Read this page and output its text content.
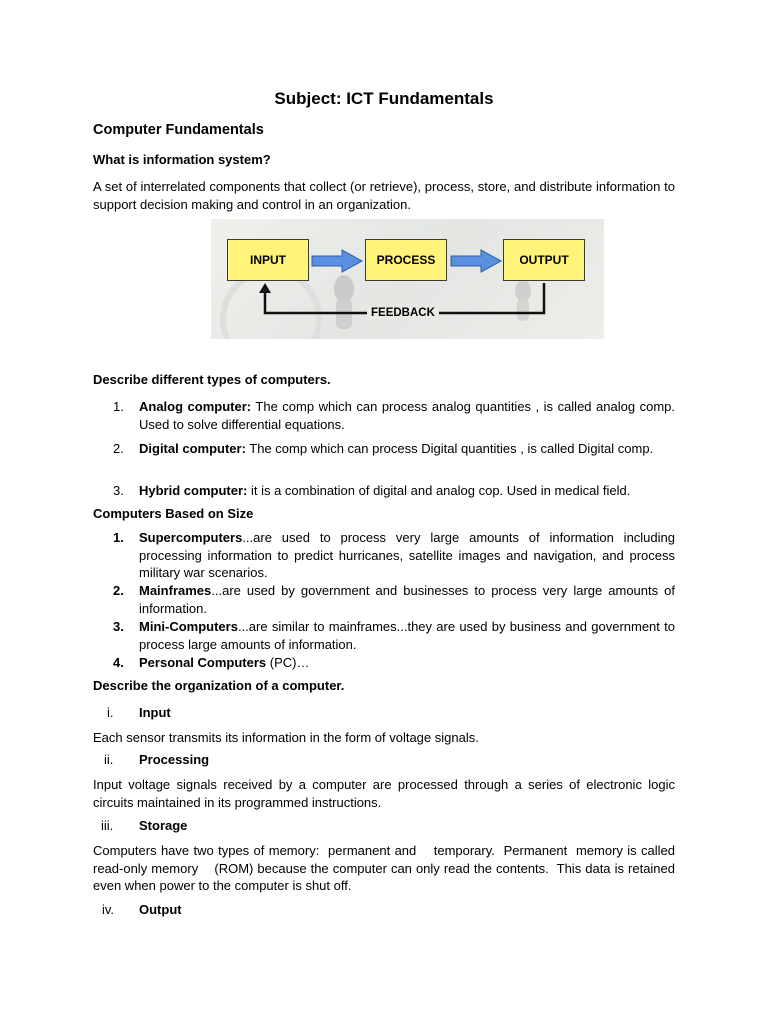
Subject: ICT Fundamentals
Computer Fundamentals
What is information system?
A set of interrelated components that collect (or retrieve), process, store, and distribute information to support decision making and control in an organization.
Describe different types of computers.
1.	Analog computer: The comp which can process analog quantities , is called analog comp. Used to solve differential equations.
2.	Digital computer: The comp which can process Digital quantities , is called Digital comp.
3.	Hybrid computer: it is a combination of digital and analog cop. Used in medical field.
Computers Based on Size
1.	Supercomputers...are used to process very large amounts of information including processing information to predict hurricanes, satellite images and navigation, and process military war scenarios.
2.	Mainframes...are used by government and businesses to process very large amounts of information.
3.	Mini-Computers...are similar to mainframes...they are used by business and government to process large amounts of information.
4.	Personal Computers (PC)…
Describe the organization of a computer.
i. Input
Each sensor transmits its information in the form of voltage signals.
ii. Processing
Input voltage signals received by a computer are processed through a series of electronic logic circuits maintained in its programmed instructions.
iii. Storage
Computers have two types of memory:  permanent and    temporary.  Permanent  memory is called read-only memory    (ROM) because the computer can only read the contents.  This data is retained even when power to the computer is shut off.
iv. Output
INPUT	PROCESS	OUTPUT
FEEDBACK
